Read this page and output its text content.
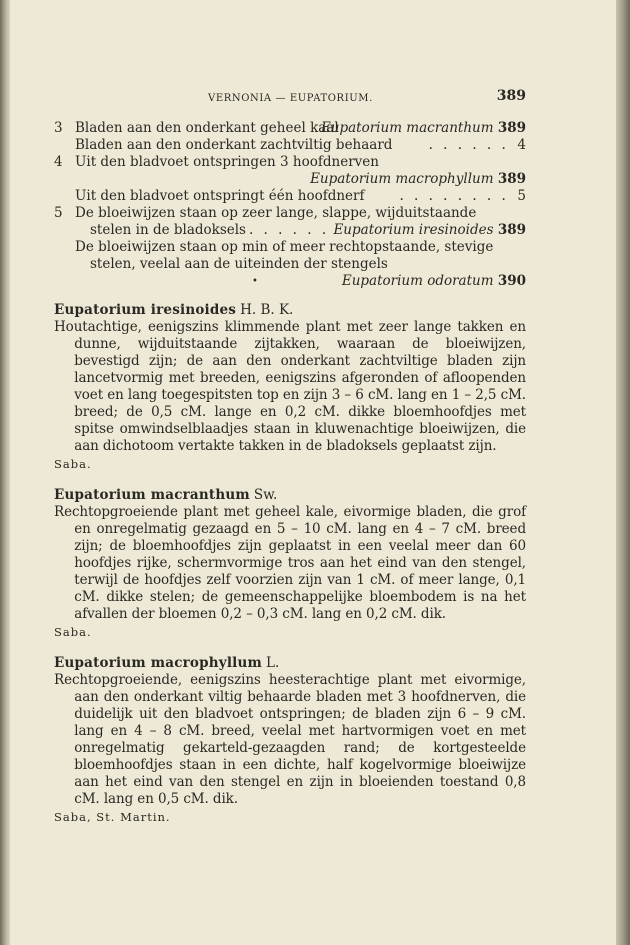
VERNONIA — EUPATORIUM.	389
3 Bladen aan den onderkant geheel kaal
Eupatorium macranthum 389
Bladen aan den onderkant zachtviltig behaard	. . . . . . 4
4 Uit den bladvoet ontspringen 3 hoofdnerven
Eupatorium macrophyllum 389
Uit den bladvoet ontspringt één hoofdnerf	. . . . . . . . 5
5 De bloeiwijzen staan op zeer lange, slappe, wijduitstaande
stelen in de bladoksels . . . . . . Eupatorium iresinoides 389
De bloeiwijzen staan op min of meer rechtopstaande, stevige
stelen, veelal aan de uiteinden der stengels
•	Eupatorium odoratum 390
Eupatorium iresinoides H. B. K.
Houtachtige, eenigszins klimmende plant met zeer lange takken en dunne, wijduitstaande zijtakken, waaraan de bloeiwijzen, bevestigd zijn; de aan den onderkant zachtviltige bladen zijn lancetvormig met breeden, eenigszins afgeronden of afloopenden voet en lang toegespitsten top en zijn 3 – 6 cM. lang en 1 – 2,5 cM. breed; de 0,5 cM. lange en 0,2 cM. dikke bloemhoofdjes met spitse omwindselblaadjes staan in kluwenachtige bloeiwijzen, die aan dichotoom vertakte takken in de bladoksels geplaatst zijn.
Saba.
Eupatorium macranthum Sw.
Rechtopgroeiende plant met geheel kale, eivormige bladen, die grof en onregelmatig gezaagd en 5 – 10 cM. lang en 4 – 7 cM. breed zijn; de bloemhoofdjes zijn geplaatst in een veelal meer dan 60 hoofdjes rijke, schermvormige tros aan het eind van den stengel, terwijl de hoofdjes zelf voorzien zijn van 1 cM. of meer lange, 0,1 cM. dikke stelen; de gemeenschappelijke bloembodem is na het afvallen der bloemen 0,2 – 0,3 cM. lang en 0,2 cM. dik.
Saba.
Eupatorium macrophyllum L.
Rechtopgroeiende, eenigszins heesterachtige plant met eivormige, aan den onderkant viltig behaarde bladen met 3 hoofdnerven, die duidelijk uit den bladvoet ontspringen; de bladen zijn 6 – 9 cM. lang en 4 – 8 cM. breed, veelal met hartvormigen voet en met onregelmatig gekarteld-gezaagden rand; de kortgesteelde bloemhoofdjes staan in een dichte, half kogelvormige bloeiwijze aan het eind van den stengel en zijn in bloeienden toestand 0,8 cM. lang en 0,5 cM. dik.
Saba, St. Martin.
